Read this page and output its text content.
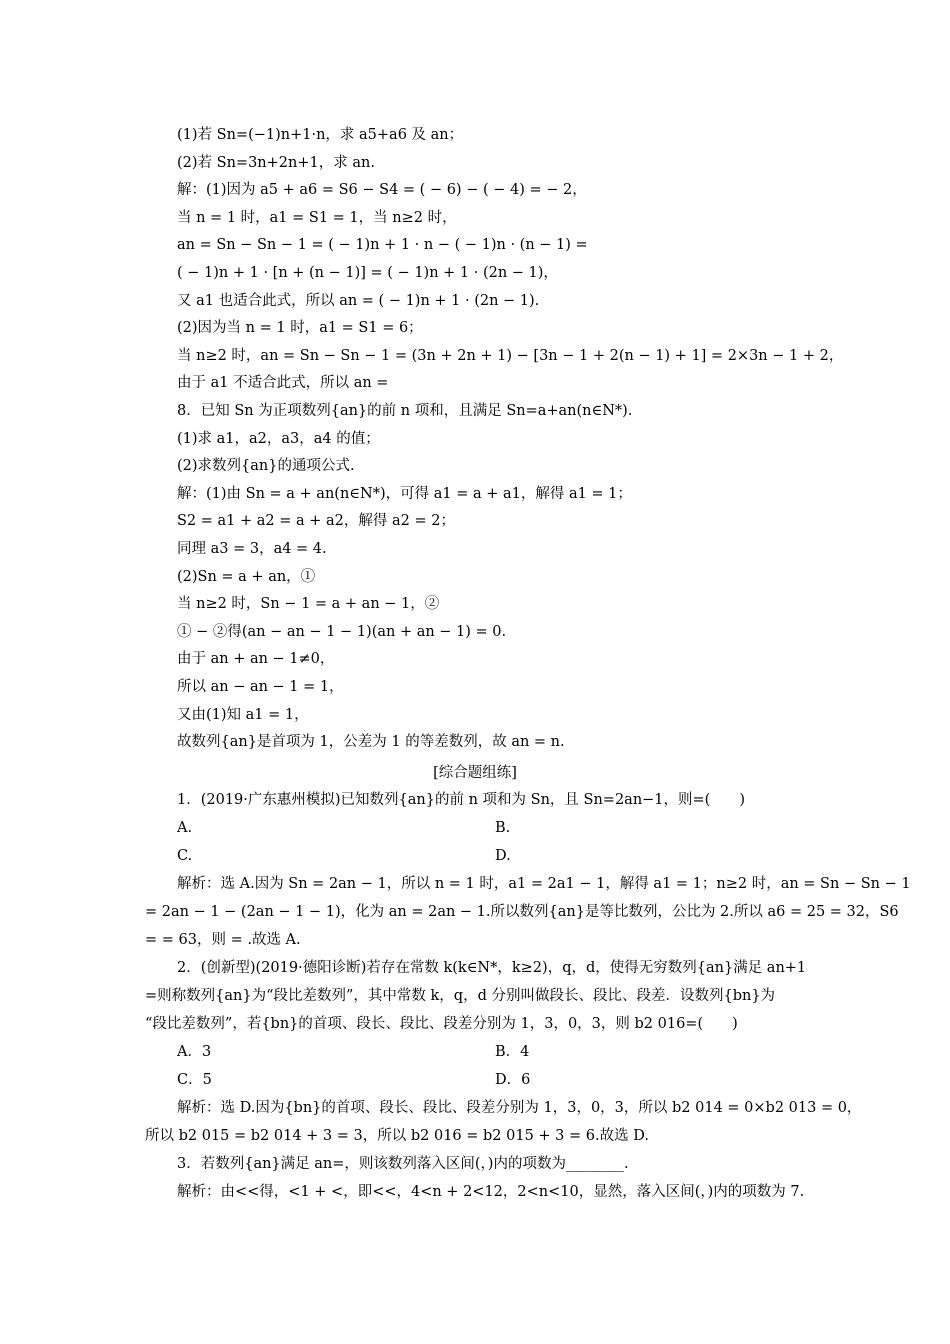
(1)若 Sn=(−1)n+1·n，求 a5+a6 及 an；
(2)若 Sn=3n+2n+1，求 an.
解：(1)因为 a5 + a6 = S6 − S4 = ( − 6) − ( − 4) = − 2，
当 n = 1 时，a1 = S1 = 1，当 n≥2 时，
an = Sn − Sn − 1 = ( − 1)n + 1 · n − ( − 1)n · (n − 1) =
( − 1)n + 1 · [n + (n − 1)] = ( − 1)n + 1 · (2n − 1)，
又 a1 也适合此式，所以 an = ( − 1)n + 1 · (2n − 1).
(2)因为当 n = 1 时，a1 = S1 = 6；
当 n≥2 时，an = Sn − Sn − 1 = (3n + 2n + 1) − [3n − 1 + 2(n − 1) + 1] = 2×3n − 1 + 2，
由于 a1 不适合此式，所以 an =
8．已知 Sn 为正项数列{an}的前 n 项和，且满足 Sn=a+an(n∈N*).
(1)求 a1，a2，a3，a4 的值；
(2)求数列{an}的通项公式.
解：(1)由 Sn = a + an(n∈N*)，可得 a1 = a + a1，解得 a1 = 1；
S2 = a1 + a2 = a + a2，解得 a2 = 2；
同理 a3 = 3，a4 = 4.
(2)Sn = a + an，①
当 n≥2 时，Sn − 1 = a + an − 1，②
① − ②得(an − an − 1 − 1)(an + an − 1) = 0.
由于 an + an − 1≠0，
所以 an − an − 1 = 1，
又由(1)知 a1 = 1，
故数列{an}是首项为 1，公差为 1 的等差数列，故 an = n.
[综合题组练]
1．(2019·广东惠州模拟)已知数列{an}的前 n 项和为 Sn，且 Sn=2an−1，则=(　　)
A.	B.
C.	D.
解析：选 A.因为 Sn = 2an − 1，所以 n = 1 时，a1 = 2a1 − 1，解得 a1 = 1；n≥2 时，an = Sn − Sn − 1
= 2an − 1 − (2an − 1 − 1)，化为 an = 2an − 1.所以数列{an}是等比数列，公比为 2.所以 a6 = 25 = 32，S6
= = 63，则 = .故选 A.
2．(创新型)(2019·德阳诊断)若存在常数 k(k∈N*，k≥2)，q，d，使得无穷数列{an}满足 an+1
=则称数列{an}为“段比差数列”，其中常数 k，q，d 分别叫做段长、段比、段差．设数列{bn}为
“段比差数列”，若{bn}的首项、段长、段比、段差分别为 1，3，0，3，则 b2 016=(　　)
A．3	B．4
C．5	D．6
解析：选 D.因为{bn}的首项、段长、段比、段差分别为 1，3，0，3，所以 b2 014 = 0×b2 013 = 0，
所以 b2 015 = b2 014 + 3 = 3，所以 b2 016 = b2 015 + 3 = 6.故选 D.
3．若数列{an}满足 an=，则该数列落入区间(，)内的项数为________.
解析：由<<得，<1 + <，即<<，4<n + 2<12，2<n<10，显然，落入区间(，)内的项数为 7.
